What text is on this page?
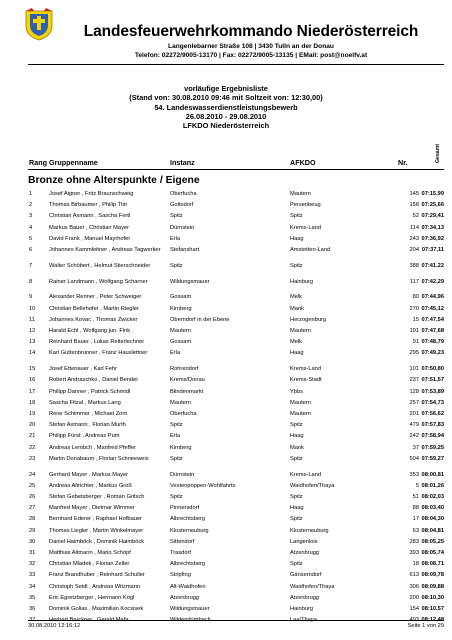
Landesfeuerwehrkommando Niederösterreich
Langenlebarner Straße 108 | 3430 Tulln an der Donau
Telefon: 02272/9005-13170 | Fax: 02272/9005-13135 | EMail: post@noelfv.at
vorläufige Ergebnisliste
(Stand von: 30.08.2010 09:46 mit Soltzeit von: 12:30,00)
54. Landeswasserdienstleistungsbewerb
26.08.2010 - 29.08.2010
LFKDO Niederösterreich
Rang Gruppenname	Instanz	AFKDO	Nr.	Gesamt
Bronze ohne Alterspunkte / Eigene
1	Josef Aigner , Fritz Braunschweig	Oberfucha	Mautern	145 07:15,99
2	Thomas Birbaumer , Philip Thir	Gottsdorf	Persenbeug	158 07:25,66
3	Christian Axmann , Sascha Fertl	Spitz	Spitz	52 07:29,41
4	Markus Bauer , Christian Mayer	Dürnstein	Krems-Land	114 07:34,13
5	David Frank , Manuel Mayrhofer	Erla	Haag	243 07:36,92
6	Johannes Kammleitner , Andreas Tagwerker	Stefanshart	Amstetten-Land	204 07:37,11
7	Walter Schöbert , Helmut Stierschneider	Spitz	Spitz	388 07:41,22
8	Rainer Landmann , Wolfgang Scharner	Wildungsmauer	Hainburg	117 07:42,29
9	Alexander Renner , Peter Schweiger	Gossam	Melk	80 07:44,96
10 Christian Bellehofer , Martin Riegler	Kirnberg	Mank	270 07:45,12
11 Johannes Kovac , Thomas Zwicker	Oberndorf in der Ebene	Herzogenburg	15 07:47,54
12 Harald Echl , Wolfgang jun. Fink	Mautern	Mautern	191 07:47,68
13 Reinhard Bauer , Lukas Reiterlechner	Gossam	Melk	91 07:48,79
14 Karl Guttenbrunner , Franz Hauslettner	Erla	Haag	295 07:49,23
15 Josef Ettenauer , Karl Fehr	Rohrendorf	Krems-Land	101 07:50,80
16 Robert Andraschko , Daniel Bender	Krems/Donau	Krems-Stadt	237 07:51,57
17 Philipp Danner , Patrick Schmidl	Blindenmarkt	Ybbs	128 07:53,89
18 Sascha Fitzal , Markus Lang	Mautern	Mautern	257 07:54,73
19 Rene Schimmer , Michael Zorn	Oberfucha	Mautern	201 07:56,62
20 Stefan Axmann , Florian Murth	Spitz	Spitz	479 07:57,83
21 Philipp Fürst , Andreas Pum	Erla	Haag	242 07:58,94
22 Andreas Lembch , Manfred Pfeffer	Kirnberg	Mank	37 07:59,25
23 Martin Donabaum , Florian Schneeweis	Spitz	Spitz	504 07:59,27
24 Gerhard Mayer , Markus Mayer	Dürnstein	Krems-Land	353 08:00,81
25 Andreas Altrichter , Markus Groß	Vestenpoppen-Wohlfahrts	Waidhofen/Thaya	5 08:01,26
26 Stefan Gebetsberger , Roman Gritsch	Spitz	Spitz	51 08:02,03
27 Manfred Mayer , Dietmar Wimmer	Pinnersdorf	Haag	88 08:03,40
28 Bernhard Ederer , Raphael Hofbauer	Albrechtsberg	Spitz	17 08:04,30
29 Thomas Liegler , Martin Winkelmayer	Klosterneuburg	Klosterneuburg	63 08:04,81
30 Daniel Haimböck , Dominik Haimböck	Sittendorf	Langenlois	283 08:05,25
31 Matthias Altmann , Mario Schöpf	Trasdorf	Atzenbrugg	393 08:05,74
32 Christian Mladek , Florian Zeller	Albrechtsberg	Spitz	18 08:08,71
33 Franz Brandhuber , Reinhard Schuller	Stripfing	Gänserndorf	613 08:09,78
34 Christoph Seidl , Andreas Witzmann	Alt-Waidhofen	Waidhofen/Thaya	306 08:09,88
35 Eric Egretzberger , Hermann Kögl	Atzenbrugg	Atzenbrugg	200 08:10,30
36 Dominik Golias , Maximilian Kocsisek	Wildungsmauer	Hainburg	154 08:10,57
37 Herbert Bruckner , Gerald Mahr	Wildendümbach	Laa/Thaya	493 08:12,48
30.08.2010 12:16:12	Seite 1 von 29
